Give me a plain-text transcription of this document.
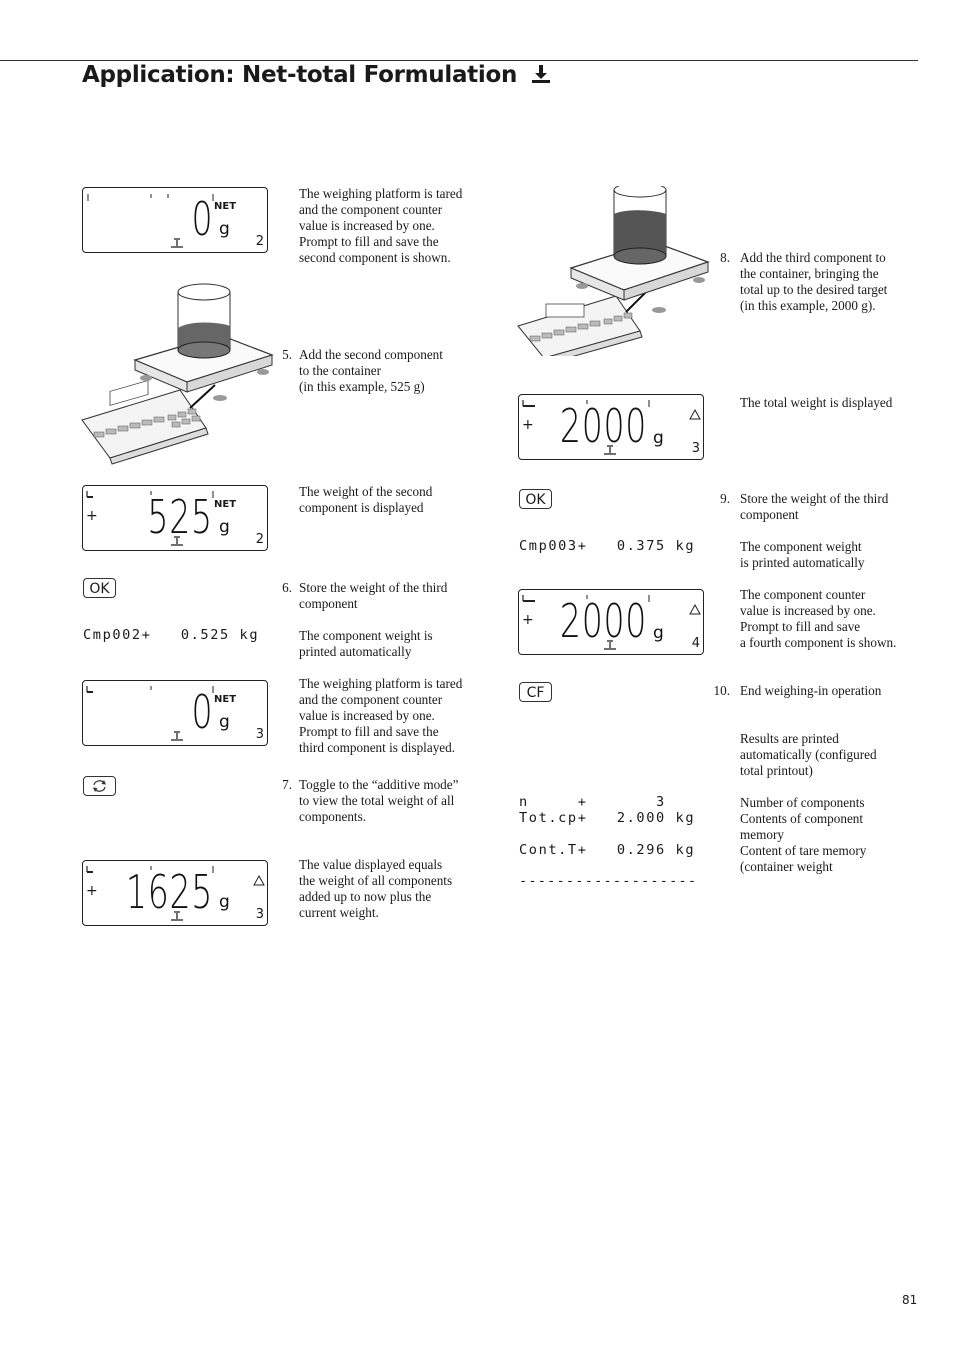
Application: Net-total Formulation
0 NET
g
2
The weighing platform is tared
and the component counter
value is increased by one.
Prompt to fill and save the
second component is shown.
5. Add the second component
to the container
(in this example, 525 g)
+ 525 NET
g
2
The weight of the second
component is displayed
OK	6. Store the weight of the third
component
Cmp002+   0.525 kg	The component weight is
printed automatically
0 NET
g
3
The weighing platform is tared
and the component counter
value is increased by one.
Prompt to fill and save the
third component is displayed.
7. Toggle to the “additive mode”
to view the total weight of all
components.
+ 1625 g
3
The value displayed equals
the weight of all components
added up to now plus the
current weight.
8. Add the third component to
the container, bringing the
total up to the desired target
(in this example, 2000 g).
+ 2000 g
3
The total weight is displayed
OK	9. Store the weight of the third
component
Cmp003+   0.375 kg	The component weight
is printed automatically
+ 2000 g
4
The component counter
value is increased by one.
Prompt to fill and save
a fourth component is shown.
CF	10. End weighing-in operation
Results are printed
automatically (configured
total printout)
n     +       3	Number of components
Tot.cp+   2.000 kg	Contents of component
memory
Cont.T+   0.296 kg	Content of tare memory
(container weight
-------------------
81
